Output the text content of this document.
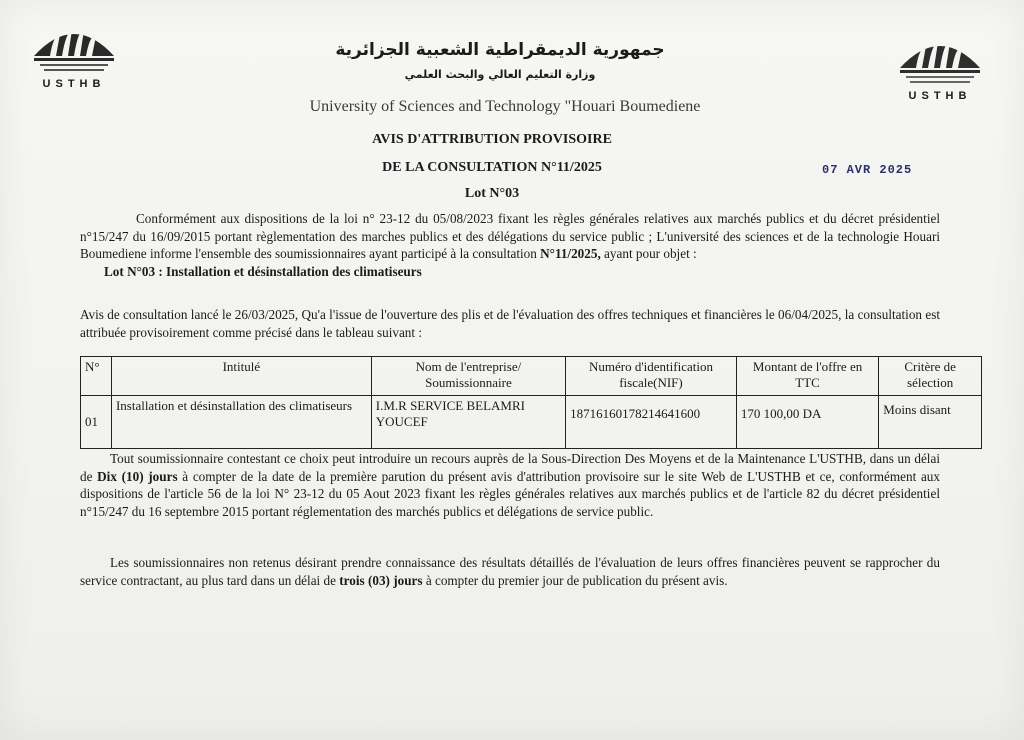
USTHB
USTHB
جمهورية الديمقراطية الشعبية الجزائرية
وزارة التعليم العالي والبحث العلمي
University of Sciences and Technology "Houari Boumediene
AVIS D'ATTRIBUTION PROVISOIRE
DE LA CONSULTATION N°11/2025
Lot N°03
07 AVR 2025
Conformément aux dispositions de la loi n° 23-12 du 05/08/2023 fixant les règles générales relatives aux marchés publics et du décret présidentiel n°15/247 du 16/09/2015 portant règlementation des marches publics et des délégations du service public ; L'université des sciences et de la technologie Houari Boumediene informe l'ensemble des soumissionnaires ayant participé à la consultation N°11/2025, ayant pour objet :
Lot N°03 : Installation et désinstallation des climatiseurs
Avis de consultation lancé le 26/03/2025, Qu'a l'issue de l'ouverture des plis et de l'évaluation des offres techniques et financières le 06/04/2025, la consultation est attribuée provisoirement comme précisé dans le tableau suivant :
N°	Intitulé	Nom de l'entreprise/ Soumissionnaire	Numéro d'identification fiscale(NIF)	Montant de l'offre en TTC	Critère de sélection
01	Installation et désinstallation des climatiseurs	I.M.R SERVICE BELAMRI YOUCEF	18716160178214641600	170 100,00 DA	Moins disant
Tout soumissionnaire contestant ce choix peut introduire un recours auprès de la Sous-Direction Des Moyens et de la Maintenance L'USTHB, dans un délai de Dix (10) jours à compter de la date de la première parution du présent avis d'attribution provisoire sur le site Web de L'USTHB et ce, conformément aux dispositions de l'article 56 de la loi N° 23-12 du 05 Aout 2023 fixant les règles générales relatives aux marchés publics et de l'article 82 du décret présidentiel n°15/247 du 16 septembre 2015 portant réglementation des marchés publics et délégations de service public.
Les soumissionnaires non retenus désirant prendre connaissance des résultats détaillés de l'évaluation de leurs offres financières peuvent se rapprocher du service contractant, au plus tard dans un délai de trois (03) jours à compter du premier jour de publication du présent avis.
